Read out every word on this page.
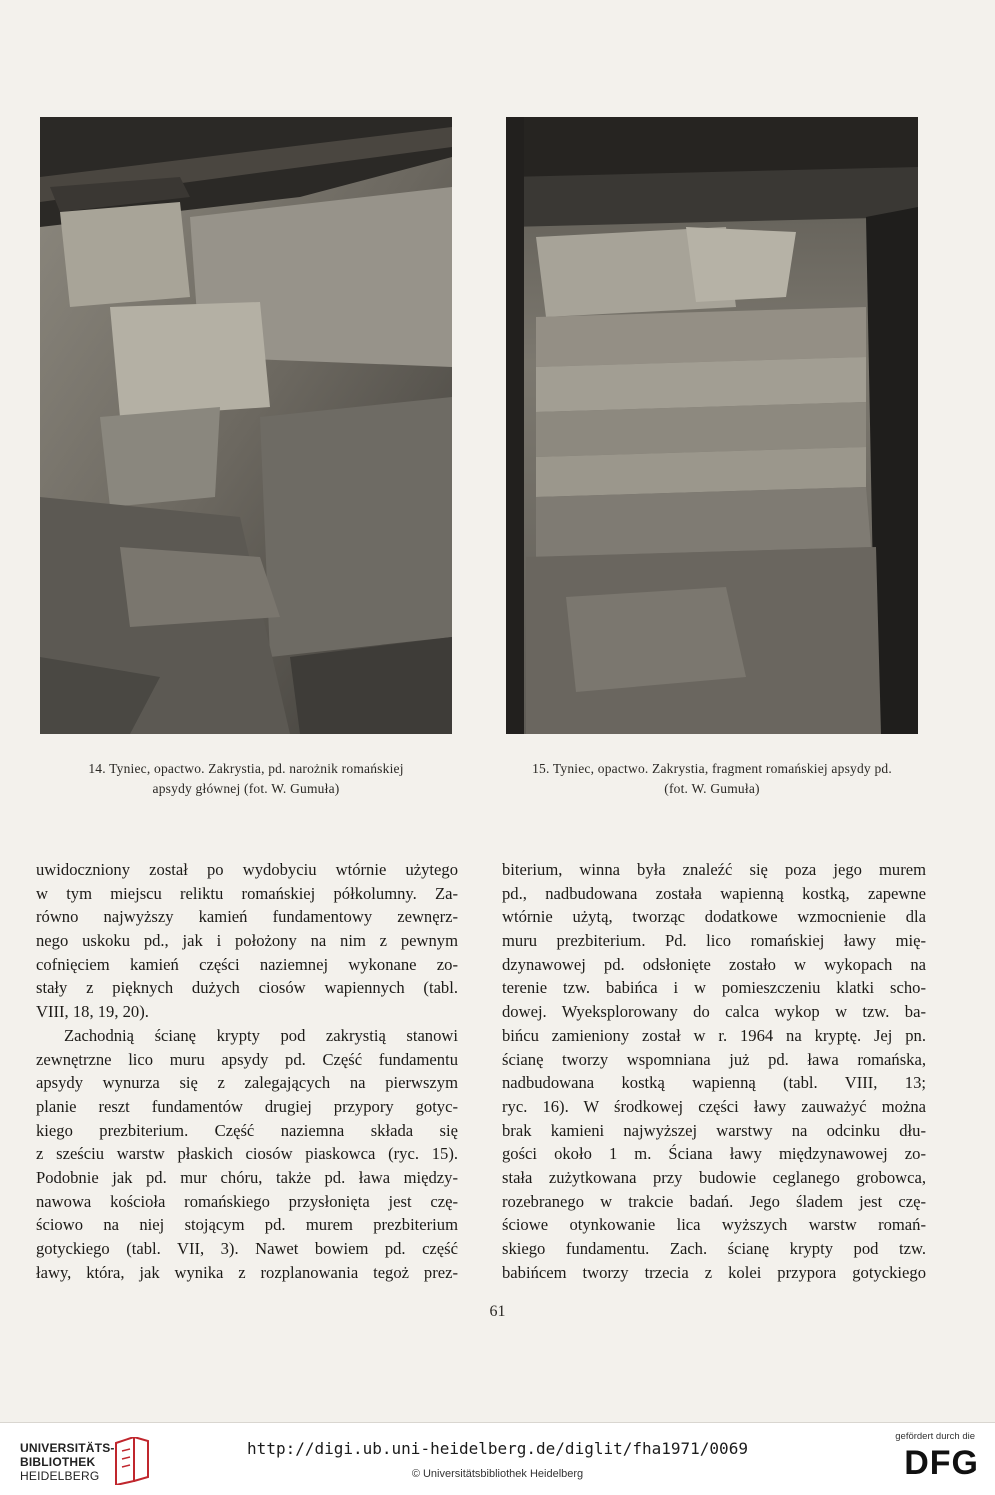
14. Tyniec, opactwo. Zakrystia, pd. narożnik romańskiej
apsydy głównej (fot. W. Gumuła)
15. Tyniec, opactwo. Zakrystia, fragment romańskiej apsydy pd.
(fot. W. Gumuła)
uwidoczniony został po wydobyciu wtórnie użytego
w tym miejscu reliktu romańskiej półkolumny. Za-
równo najwyższy kamień fundamentowy zewnęrz-
nego uskoku pd., jak i położony na nim z pewnym
cofnięciem kamień części naziemnej wykonane zo-
stały z pięknych dużych ciosów wapiennych (tabl.
VIII, 18, 19, 20).
Zachodnią ścianę krypty pod zakrystią stanowi
zewnętrzne lico muru apsydy pd. Część fundamentu
apsydy wynurza się z zalegających na pierwszym
planie reszt fundamentów drugiej przypory gotyc-
kiego prezbiterium. Część naziemna składa się
z sześciu warstw płaskich ciosów piaskowca (ryc. 15).
Podobnie jak pd. mur chóru, także pd. ława między-
nawowa kościoła romańskiego przysłonięta jest czę-
ściowo na niej stojącym pd. murem prezbiterium
gotyckiego (tabl. VII, 3). Nawet bowiem pd. część
ławy, która, jak wynika z rozplanowania tegoż prez-
biterium, winna była znaleźć się poza jego murem
pd., nadbudowana została wapienną kostką, zapewne
wtórnie użytą, tworząc dodatkowe wzmocnienie dla
muru prezbiterium. Pd. lico romańskiej ławy mię-
dzynawowej pd. odsłonięte zostało w wykopach na
terenie tzw. babińca i w pomieszczeniu klatki scho-
dowej. Wyeksplorowany do calca wykop w tzw. ba-
bińcu zamieniony został w r. 1964 na kryptę. Jej pn.
ścianę tworzy wspomniana już pd. ława romańska,
nadbudowana kostką wapienną (tabl. VIII, 13;
ryc. 16). W środkowej części ławy zauważyć można
brak kamieni najwyższej warstwy na odcinku dłu-
gości około 1 m. Ściana ławy międzynawowej zo-
stała zużytkowana przy budowie ceglanego grobowca,
rozebranego w trakcie badań. Jego śladem jest czę-
ściowe otynkowanie lica wyższych warstw romań-
skiego fundamentu. Zach. ścianę krypty pod tzw.
babińcem tworzy trzecia z kolei przypora gotyckiego
61
UNIVERSITÄTS-
BIBLIOTHEK
HEIDELBERG
http://digi.ub.uni-heidelberg.de/diglit/fha1971/0069
© Universitätsbibliothek Heidelberg
gefördert durch die
DFG
